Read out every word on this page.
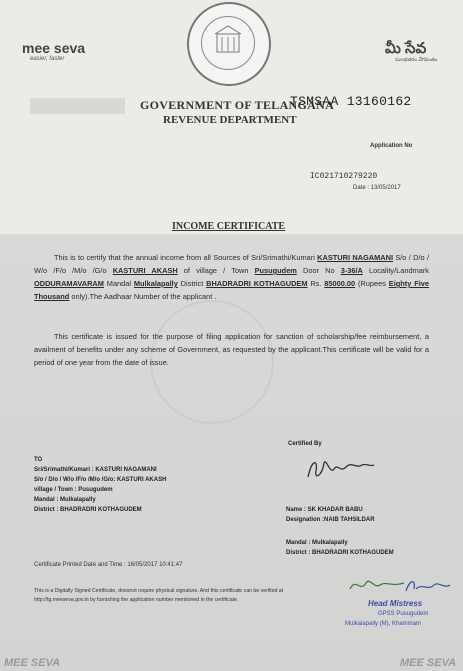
mee seva
easier, faster
మీ సేవ
సులభతరం వేగవంతం
GOVERNMENT OF TELANGANA
REVENUE DEPARTMENT
TSMSAA 13160162
Application No
IC021710279220
Date : 13/05/2017
INCOME CERTIFICATE
This is to certify that the annual income from all Sources of Sri/Srimathi/Kumari KASTURI NAGAMANI S/o / D/o / W/o /F/o /M/o /G/o KASTURI AKASH of village / Town Pusugudem Door No 3-36/A Locality/Landmark ODDURAMAVARAM Mandal Mulkalapally District BHADRADRI KOTHAGUDEM Rs. 85000.00 (Rupees Eighty Five Thousand only).The Aadhaar Number of the applicant .
This certificate is issued for the purpose of filing application for sanction of scholarship/fee reimbursement, a availment of benefits under any scheme of Government, as requested by the applicant.This certificate will be valid for a period of one year from the date of issue.
Certified By
TO
Sri/Srimathi/Kumari : KASTURI NAGAMANI
S/o / D/o / W/o /F/o /M/o /G/o: KASTURI AKASH
village / Town : Pusugudem
Mandal : Mulkalapally
District : BHADRADRI KOTHAGUDEM	Name : SK KHADAR BABU
Designation :NAIB TAHSILDAR
Mandal : Mulkalapally
District : BHADRADRI KOTHAGUDEM
Certificate Printed Date and Time : 16/05/2017 10:41:47
This is a Digitally Signed Certificate, doesnot require physical signature. And this certificate can be verified at
http://tg.meeseva.gov.in by furnishing the application number mentioned in the certificate.	Head Mistress
GPSS Pusugudem
Mulkalapally (M), Khammam
MEE SEVA	MEE SEVA
